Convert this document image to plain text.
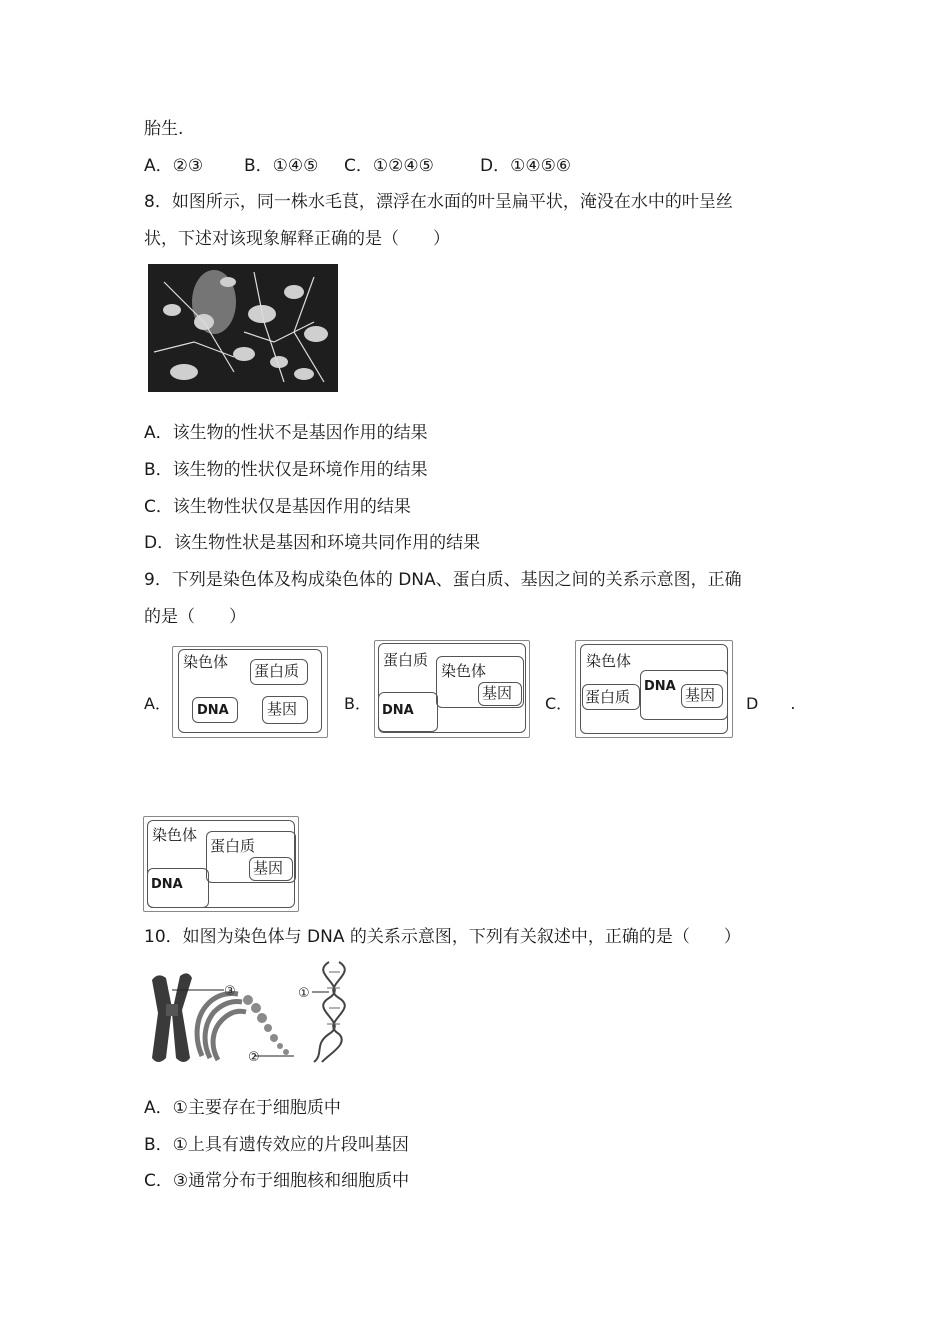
胎生.
A．②③ B．①④⑤ C．①②④⑤	D．①④⑤⑥
8．如图所示，同一株水毛茛，漂浮在水面的叶呈扁平状，淹没在水中的叶呈丝
状，下述对该现象解释正确的是（　　）
A．该生物的性状不是基因作用的结果
B．该生物的性状仅是环境作用的结果
C．该生物性状仅是基因作用的结果
D．该生物性状是基因和环境共同作用的结果
9．下列是染色体及构成染色体的 DNA、蛋白质、基因之间的关系示意图，正确
的是（　　）
A．	B．	C．	D　　.
染色体 蛋白质
DNA	基因
蛋白质
染色体
基因
DNA
染色体
DNA 基因
蛋白质
染色体
蛋白质
基因
DNA
10．如图为染色体与 DNA 的关系示意图，下列有关叙述中，正确的是（　　）
③
②
①
A．①主要存在于细胞质中
B．①上具有遗传效应的片段叫基因
C．③通常分布于细胞核和细胞质中
